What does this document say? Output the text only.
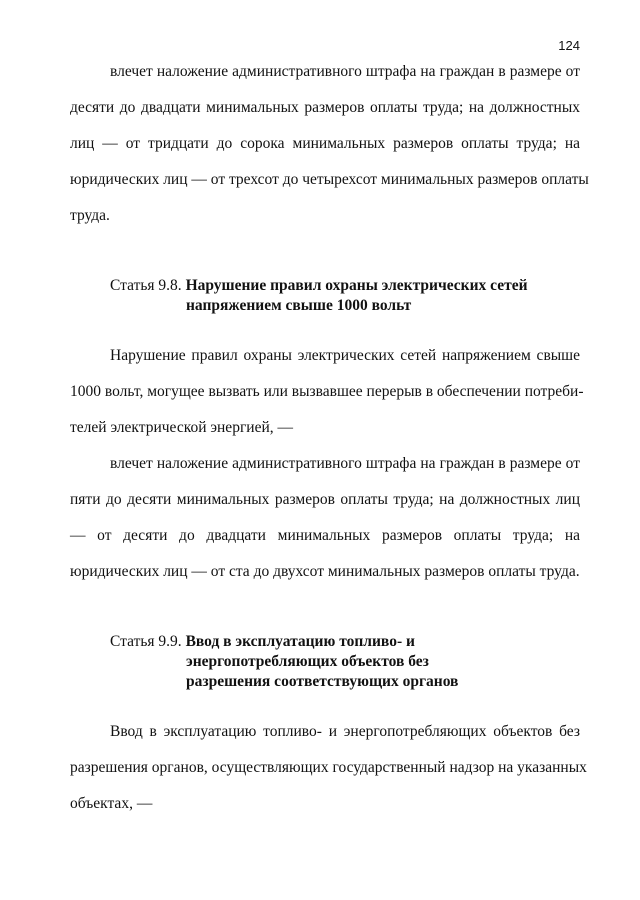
124
влечет наложение административного штрафа на граждан в размере от
десяти до двадцати минимальных размеров оплаты труда; на должностных
лиц — от тридцати до сорока минимальных размеров оплаты труда; на
юридических лиц — от трехсот до четырехсот минимальных размеров оплаты
труда.
Статья 9.8. Нарушение правил охраны электрических сетей
напряжением свыше 1000 вольт
Нарушение правил охраны электрических сетей напряжением свыше
1000 вольт, могущее вызвать или вызвавшее перерыв в обеспечении потреби-
телей электрической энергией, —
влечет наложение административного штрафа на граждан в размере от
пяти до десяти минимальных размеров оплаты труда; на должностных лиц
— от десяти до двадцати минимальных размеров оплаты труда; на
юридических лиц — от ста до двухсот минимальных размеров оплаты труда.
Статья 9.9. Ввод в эксплуатацию топливо- и
энергопотребляющих объектов без
разрешения соответствующих органов
Ввод в эксплуатацию топливо- и энергопотребляющих объектов без
разрешения органов, осуществляющих государственный надзор на указанных
объектах, —
